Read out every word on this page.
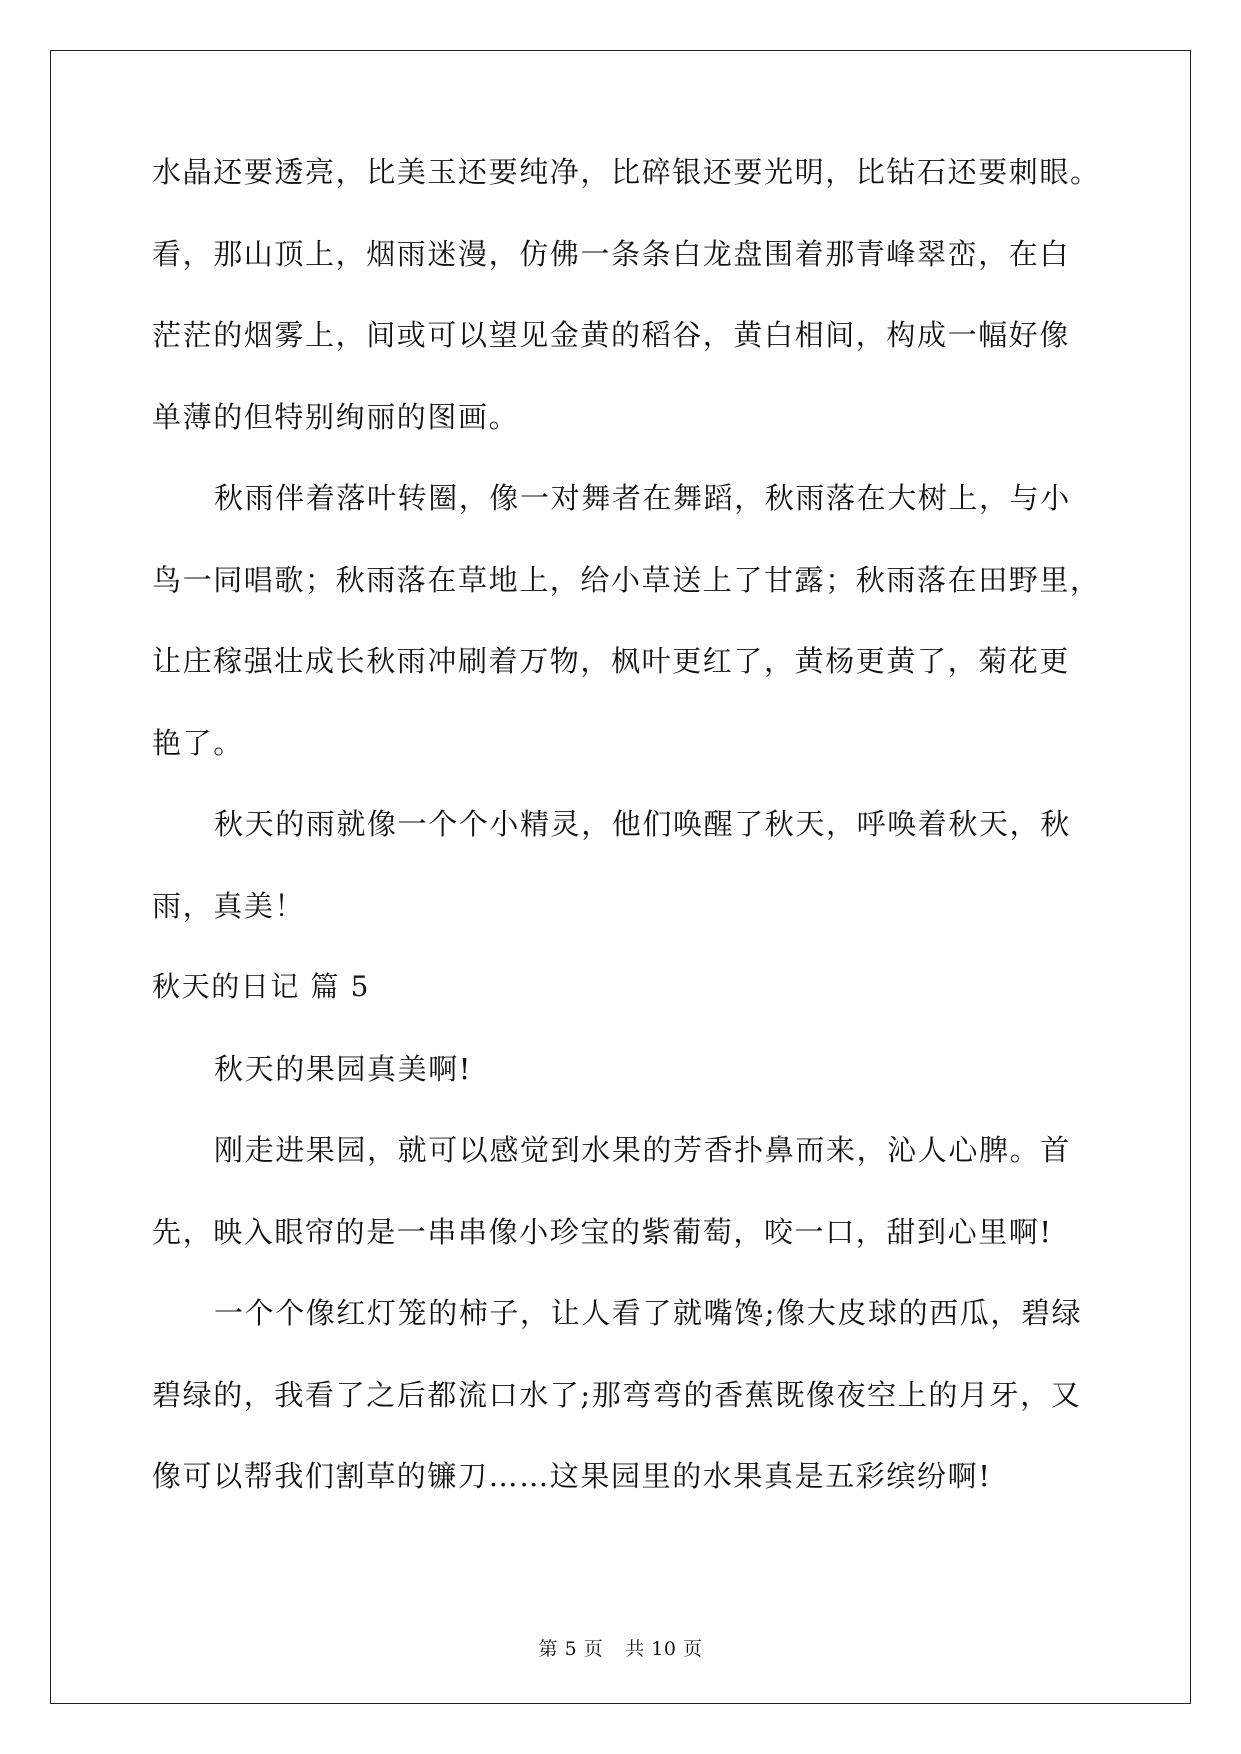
水晶还要透亮，比美玉还要纯净，比碎银还要光明，比钻石还要刺眼。
看，那山顶上，烟雨迷漫，仿佛一条条白龙盘围着那青峰翠峦，在白
茫茫的烟雾上，间或可以望见金黄的稻谷，黄白相间，构成一幅好像
单薄的但特别绚丽的图画。
秋雨伴着落叶转圈，像一对舞者在舞蹈，秋雨落在大树上，与小
鸟一同唱歌；秋雨落在草地上，给小草送上了甘露；秋雨落在田野里，
让庄稼强壮成长秋雨冲刷着万物，枫叶更红了，黄杨更黄了，菊花更
艳了。
秋天的雨就像一个个小精灵，他们唤醒了秋天，呼唤着秋天，秋
雨，真美！
秋天的日记 篇 5
秋天的果园真美啊!
刚走进果园，就可以感觉到水果的芳香扑鼻而来，沁人心脾。首
先，映入眼帘的是一串串像小珍宝的紫葡萄，咬一口，甜到心里啊!
一个个像红灯笼的柿子，让人看了就嘴馋;像大皮球的西瓜，碧绿
碧绿的，我看了之后都流口水了;那弯弯的香蕉既像夜空上的月牙，又
像可以帮我们割草的镰刀……这果园里的水果真是五彩缤纷啊!
第 5 页 共 10 页
